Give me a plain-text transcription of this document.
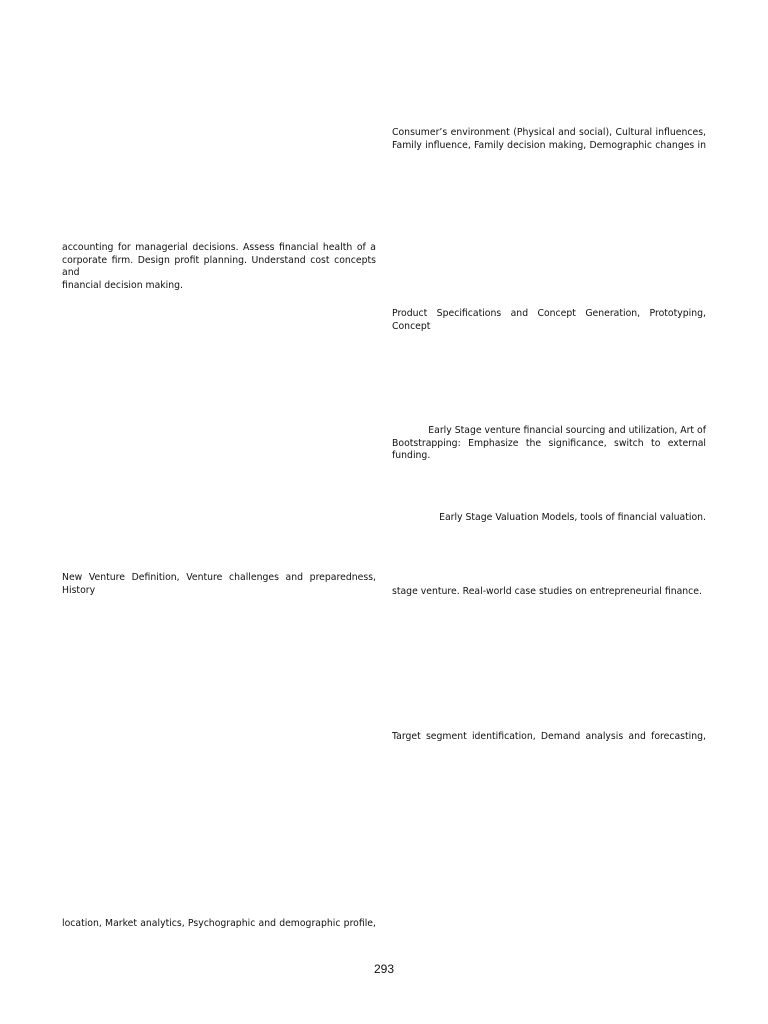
Consumer’s environment (Physical and social), Cultural influences,
Family influence, Family decision making, Demographic changes in
Product Specifications and Concept Generation, Prototyping, Concept
Early Stage venture financial sourcing and utilization, Art of
Bootstrapping: Emphasize the significance, switch to external funding.
Early Stage Valuation Models, tools of financial valuation.
stage venture. Real-world case studies on entrepreneurial finance.
Target segment identification, Demand analysis and forecasting,
accounting for managerial decisions. Assess financial health of a
corporate firm. Design profit planning. Understand cost concepts and
financial decision making.
New Venture Definition, Venture challenges and preparedness, History
location, Market analytics, Psychographic and demographic profile,
293
